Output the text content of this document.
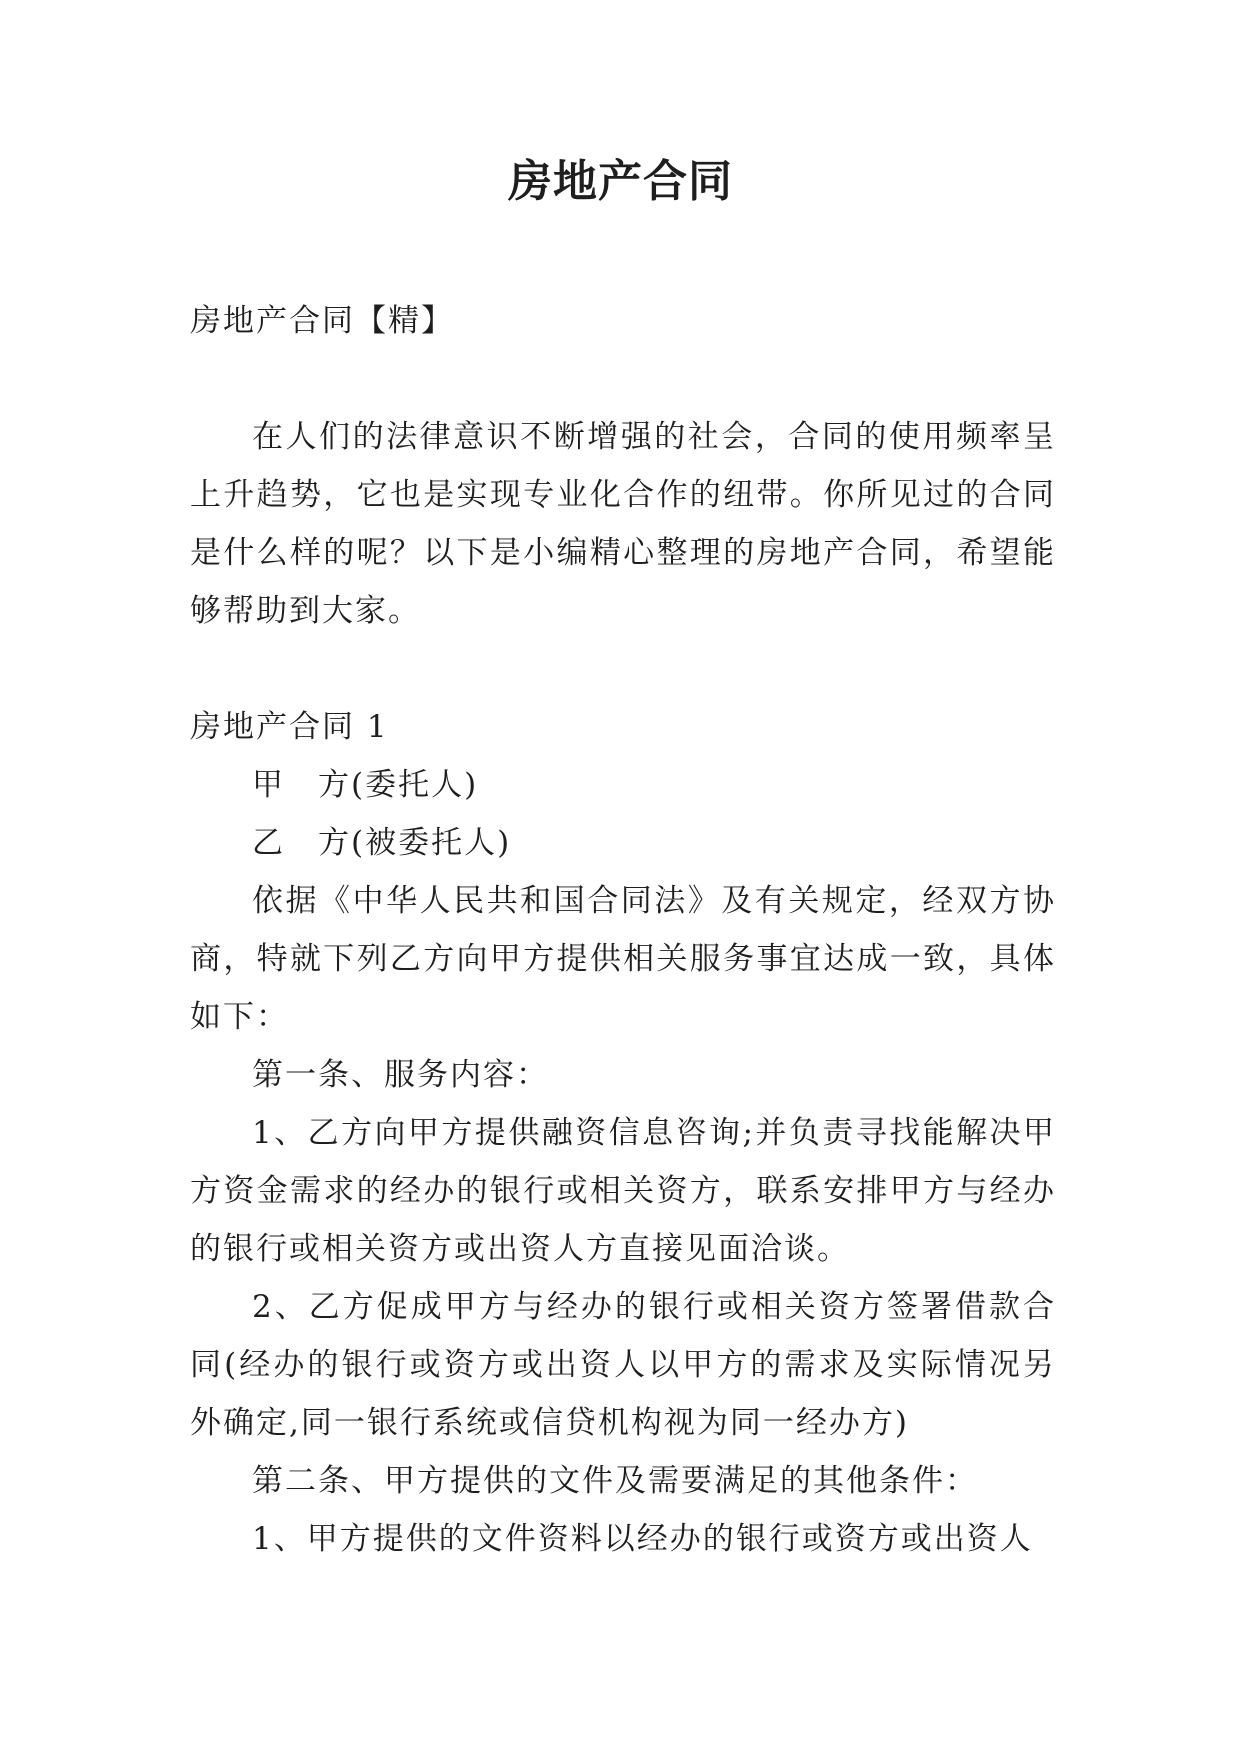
房地产合同

房地产合同【精】

在人们的法律意识不断增强的社会，合同的使用频率呈上升趋势，它也是实现专业化合作的纽带。你所见过的合同是什么样的呢？以下是小编精心整理的房地产合同，希望能够帮助到大家。

房地产合同 1

甲　方(委托人)

乙　方(被委托人)

依据《中华人民共和国合同法》及有关规定，经双方协商，特就下列乙方向甲方提供相关服务事宜达成一致，具体如下：

第一条、服务内容：

1、乙方向甲方提供融资信息咨询;并负责寻找能解决甲方资金需求的经办的银行或相关资方，联系安排甲方与经办的银行或相关资方或出资人方直接见面洽谈。

2、乙方促成甲方与经办的银行或相关资方签署借款合同(经办的银行或资方或出资人以甲方的需求及实际情况另外确定,同一银行系统或信贷机构视为同一经办方)

第二条、甲方提供的文件及需要满足的其他条件：

1、甲方提供的文件资料以经办的银行或资方或出资人
